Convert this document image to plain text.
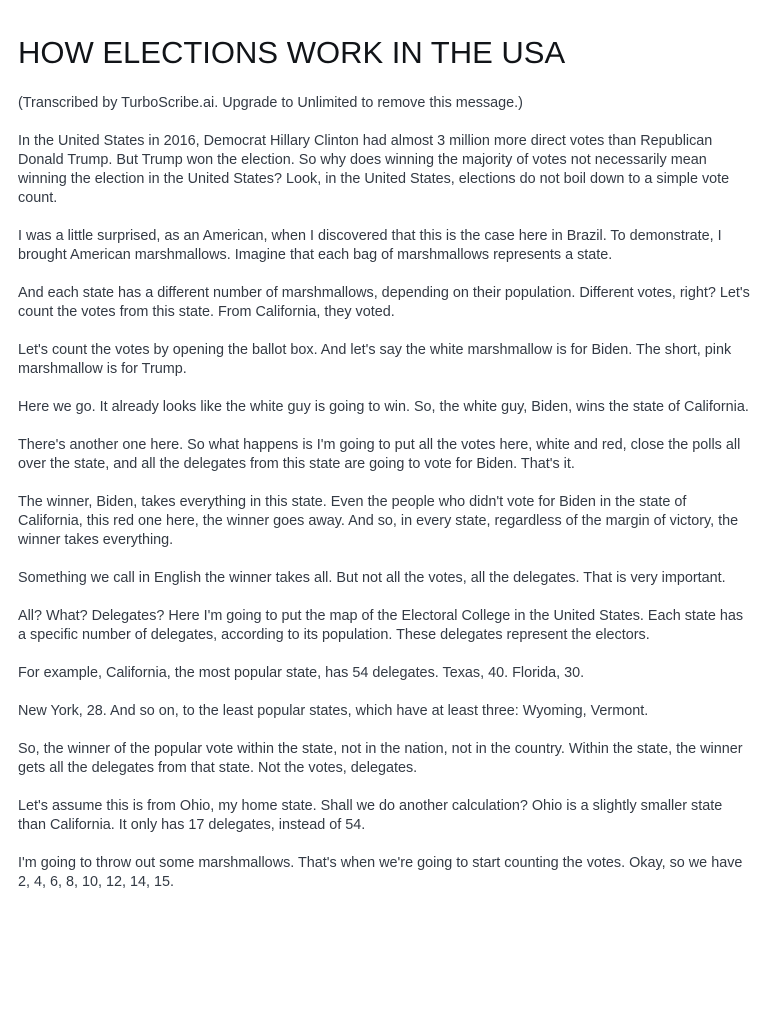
HOW ELECTIONS WORK IN THE USA

(Transcribed by TurboScribe.ai. Upgrade to Unlimited to remove this message.)

In the United States in 2016, Democrat Hillary Clinton had almost 3 million more direct votes than Republican Donald Trump. But Trump won the election. So why does winning the majority of votes not necessarily mean winning the election in the United States? Look, in the United States, elections do not boil down to a simple vote count.

I was a little surprised, as an American, when I discovered that this is the case here in Brazil. To demonstrate, I brought American marshmallows. Imagine that each bag of marshmallows represents a state.

And each state has a different number of marshmallows, depending on their population. Different votes, right? Let's count the votes from this state. From California, they voted.

Let's count the votes by opening the ballot box. And let's say the white marshmallow is for Biden. The short, pink marshmallow is for Trump.

Here we go. It already looks like the white guy is going to win. So, the white guy, Biden, wins the state of California.

There's another one here. So what happens is I'm going to put all the votes here, white and red, close the polls all over the state, and all the delegates from this state are going to vote for Biden. That's it.

The winner, Biden, takes everything in this state. Even the people who didn't vote for Biden in the state of California, this red one here, the winner goes away. And so, in every state, regardless of the margin of victory, the winner takes everything.

Something we call in English the winner takes all. But not all the votes, all the delegates. That is very important.

All? What? Delegates? Here I'm going to put the map of the Electoral College in the United States. Each state has a specific number of delegates, according to its population. These delegates represent the electors.

For example, California, the most popular state, has 54 delegates. Texas, 40. Florida, 30.

New York, 28. And so on, to the least popular states, which have at least three: Wyoming, Vermont.

So, the winner of the popular vote within the state, not in the nation, not in the country. Within the state, the winner gets all the delegates from that state. Not the votes, delegates.

Let's assume this is from Ohio, my home state. Shall we do another calculation? Ohio is a slightly smaller state than California. It only has 17 delegates, instead of 54.

I'm going to throw out some marshmallows. That's when we're going to start counting the votes. Okay, so we have 2, 4, 6, 8, 10, 12, 14, 15.
